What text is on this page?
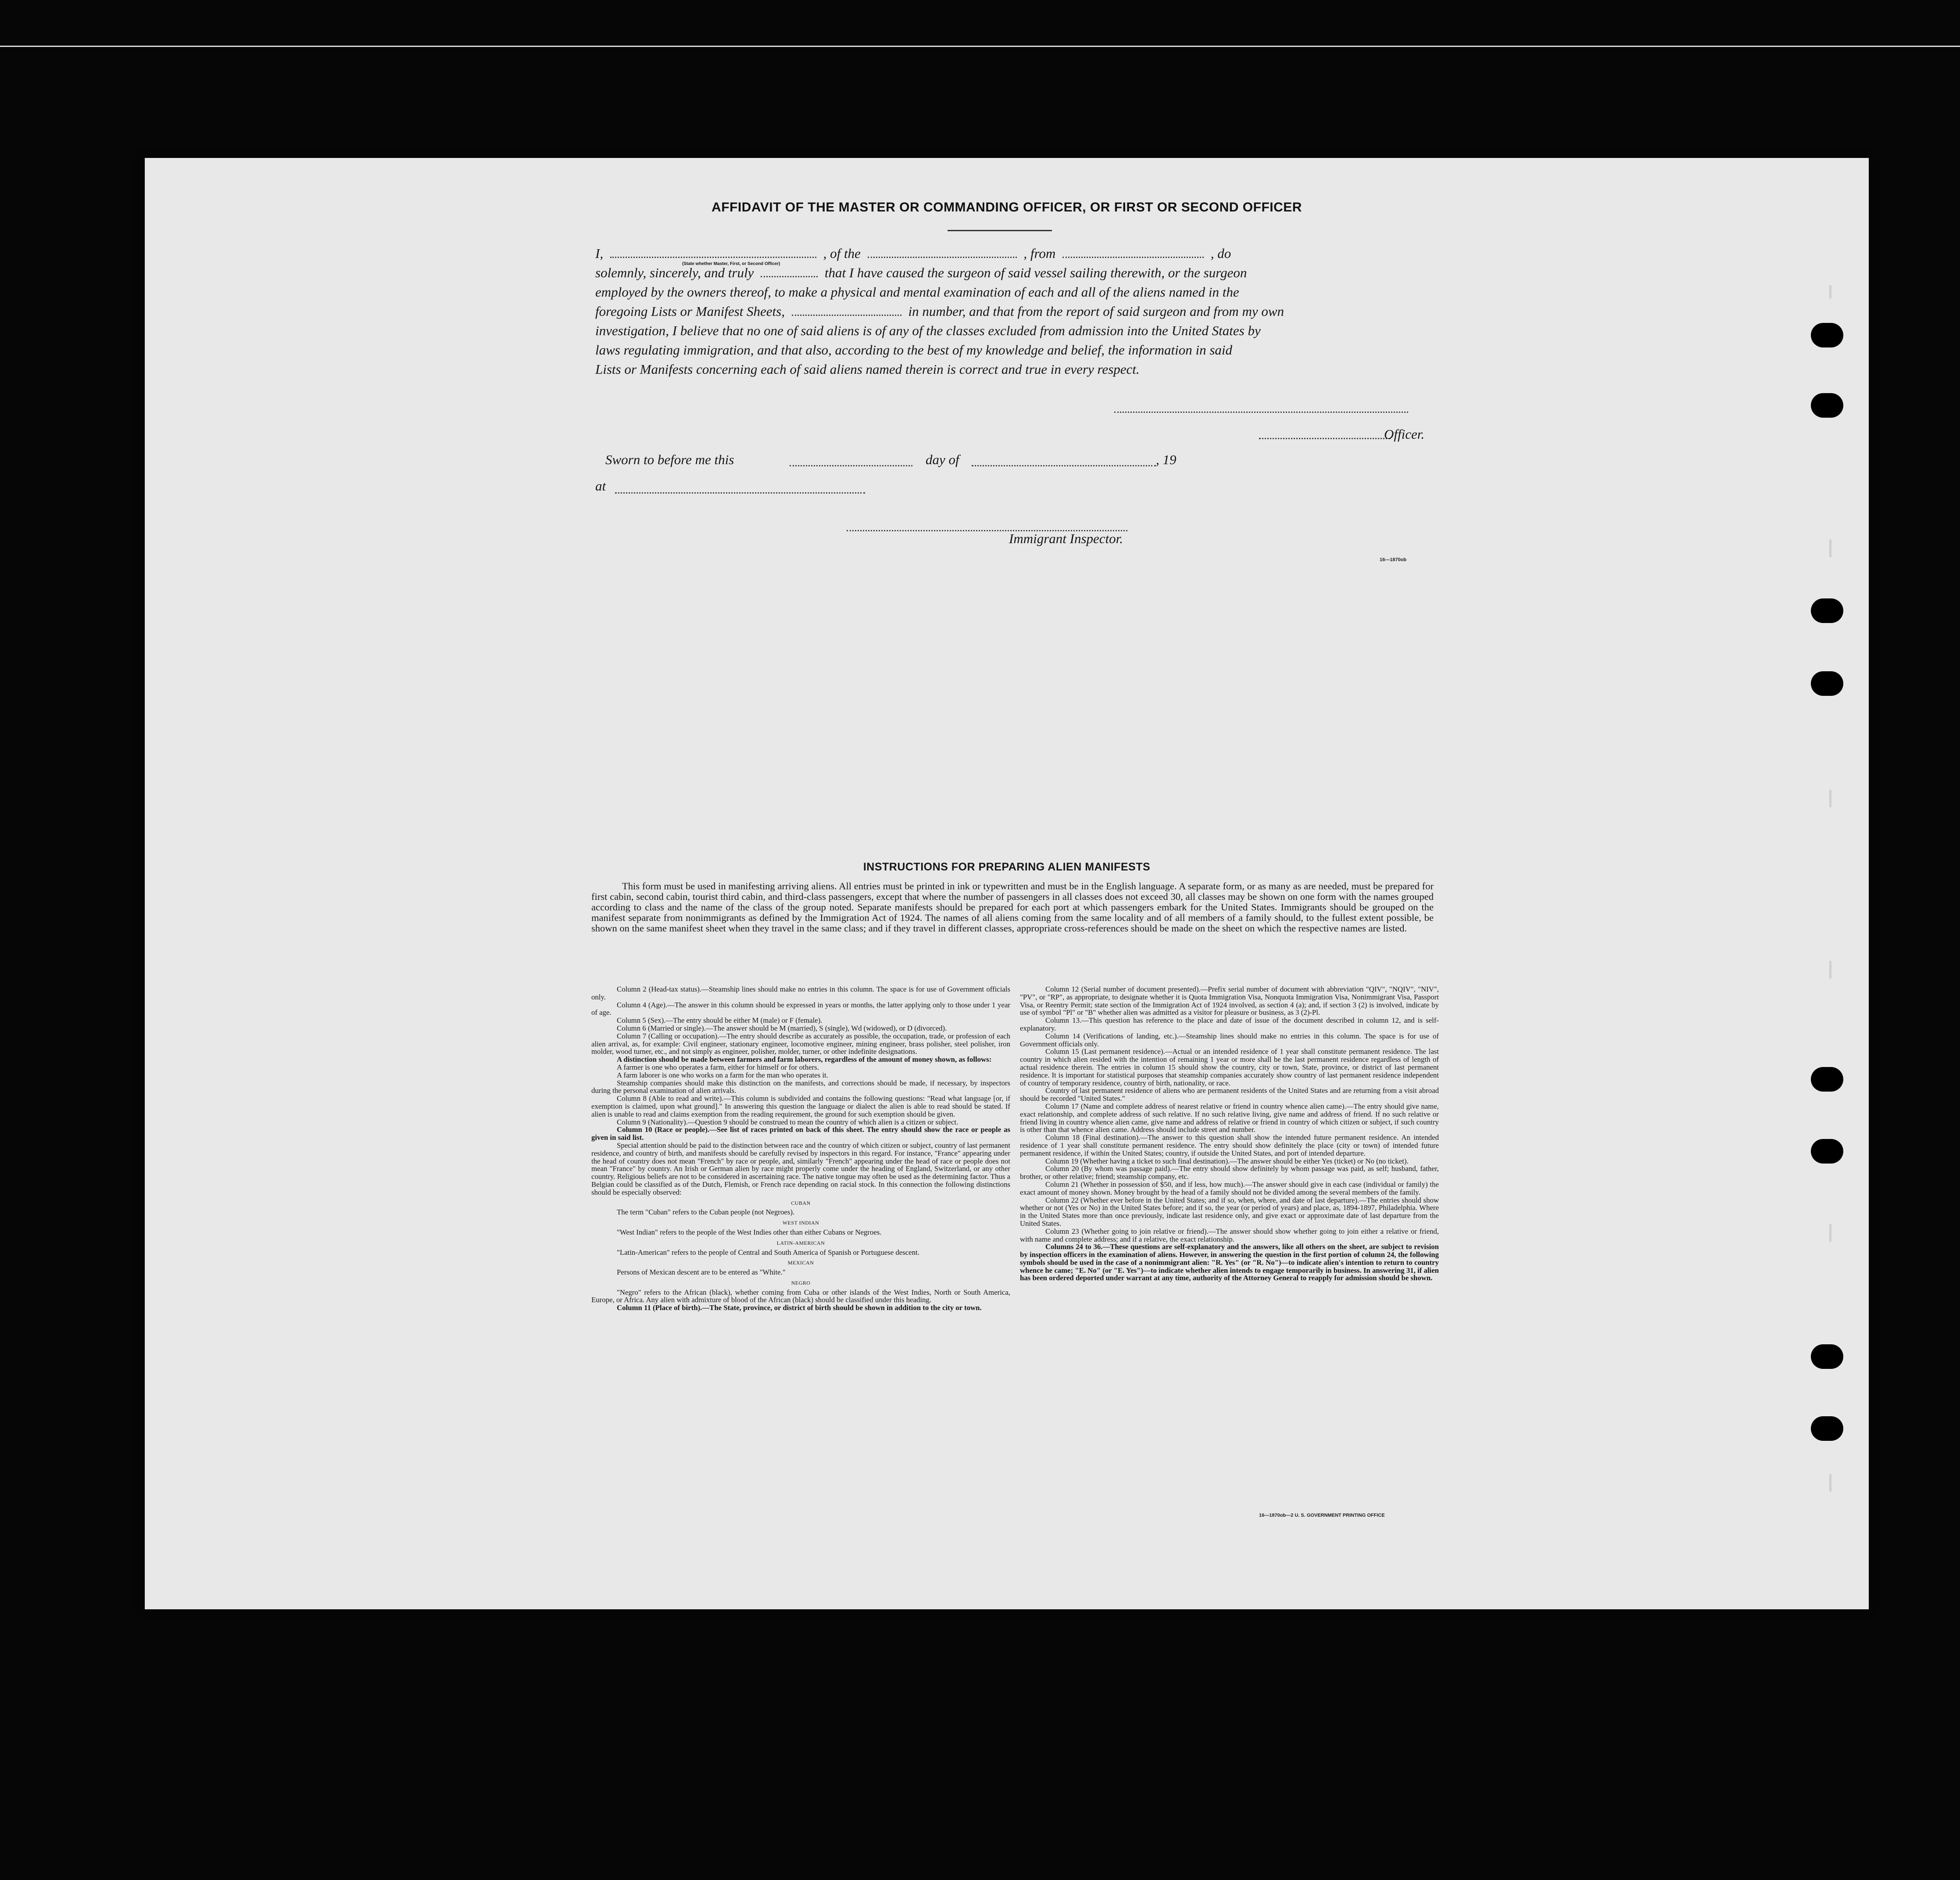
AFFIDAVIT OF THE MASTER OR COMMANDING OFFICER, OR FIRST OR SECOND OFFICER
I,	, of the	, from	, do
(State whether Master, First, or Second Officer)
solemnly, sincerely, and truly	that I have caused the surgeon of said vessel sailing therewith, or the surgeon
employed by the owners thereof, to make a physical and mental examination of each and all of the aliens named in the
foregoing Lists or Manifest Sheets,	in number, and that from the report of said surgeon and from my own
investigation, I believe that no one of said aliens is of any of the classes excluded from admission into the United States by
laws regulating immigration, and that also, according to the best of my knowledge and belief, the information in said
Lists or Manifests concerning each of said aliens named therein is correct and true in every respect.
Officer.
Sworn to before me this	day of	, 19
at
Immigrant Inspector.
16—1870ob
INSTRUCTIONS FOR PREPARING ALIEN MANIFESTS
This form must be used in manifesting arriving aliens. All entries must be printed in ink or typewritten and must be in the English language. A separate form, or as many as are needed, must be prepared for first cabin, second cabin, tourist third cabin, and third-class passengers, except that where the number of passengers in all classes does not exceed 30, all classes may be shown on one form with the names grouped according to class and the name of the class of the group noted. Separate manifests should be prepared for each port at which passengers embark for the United States. Immigrants should be grouped on the manifest separate from nonimmigrants as defined by the Immigration Act of 1924. The names of all aliens coming from the same locality and of all members of a family should, to the fullest extent possible, be shown on the same manifest sheet when they travel in the same class; and if they travel in different classes, appropriate cross-references should be made on the sheet on which the respective names are listed.

Column 2 (Head-tax status).—Steamship lines should make no entries in this column. The space is for use of Government officials only.

Column 4 (Age).—The answer in this column should be expressed in years or months, the latter applying only to those under 1 year of age.

Column 5 (Sex).—The entry should be either M (male) or F (female).

Column 6 (Married or single).—The answer should be M (married), S (single), Wd (widowed), or D (divorced).

Column 7 (Calling or occupation).—The entry should describe as accurately as possible, the occupation, trade, or profession of each alien arrival, as, for example: Civil engineer, stationary engineer, locomotive engineer, mining engineer, brass polisher, steel polisher, iron molder, wood turner, etc., and not simply as engineer, polisher, molder, turner, or other indefinite designations.

A distinction should be made between farmers and farm laborers, regardless of the amount of money shown, as follows:

A farmer is one who operates a farm, either for himself or for others.

A farm laborer is one who works on a farm for the man who operates it.

Steamship companies should make this distinction on the manifests, and corrections should be made, if necessary, by inspectors during the personal examination of alien arrivals.

Column 8 (Able to read and write).—This column is subdivided and contains the following questions: "Read what language [or, if exemption is claimed, upon what ground]." In answering this question the language or dialect the alien is able to read should be stated. If alien is unable to read and claims exemption from the reading requirement, the ground for such exemption should be given.

Column 9 (Nationality).—Question 9 should be construed to mean the country of which alien is a citizen or subject.

Column 10 (Race or people).—See list of races printed on back of this sheet. The entry should show the race or people as given in said list.

Special attention should be paid to the distinction between race and the country of which citizen or subject, country of last permanent residence, and country of birth, and manifests should be carefully revised by inspectors in this regard. For instance, "France" appearing under the head of country does not mean "French" by race or people, and, similarly "French" appearing under the head of race or people does not mean "France" by country. An Irish or German alien by race might properly come under the heading of England, Switzerland, or any other country. Religious beliefs are not to be considered in ascertaining race. The native tongue may often be used as the determining factor. Thus a Belgian could be classified as of the Dutch, Flemish, or French race depending on racial stock. In this connection the following distinctions should be especially observed:

CUBAN

The term "Cuban" refers to the Cuban people (not Negroes).

WEST INDIAN

"West Indian" refers to the people of the West Indies other than either Cubans or Negroes.

LATIN-AMERICAN

"Latin-American" refers to the people of Central and South America of Spanish or Portuguese descent.

MEXICAN

Persons of Mexican descent are to be entered as "White."

NEGRO

"Negro" refers to the African (black), whether coming from Cuba or other islands of the West Indies, North or South America, Europe, or Africa. Any alien with admixture of blood of the African (black) should be classified under this heading.

Column 11 (Place of birth).—The State, province, or district of birth should be shown in addition to the city or town.

Column 12 (Serial number of document presented).—Prefix serial number of document with abbreviation "QIV", "NQIV", "NIV", "PV", or "RP", as appropriate, to designate whether it is Quota Immigration Visa, Nonquota Immigration Visa, Nonimmigrant Visa, Passport Visa, or Reentry Permit; state section of the Immigration Act of 1924 involved, as section 4 (a); and, if section 3 (2) is involved, indicate by use of symbol "Pl" or "B" whether alien was admitted as a visitor for pleasure or business, as 3 (2)-Pl.

Column 13.—This question has reference to the place and date of issue of the document described in column 12, and is self-explanatory.

Column 14 (Verifications of landing, etc.).—Steamship lines should make no entries in this column. The space is for use of Government officials only.

Column 15 (Last permanent residence).—Actual or an intended residence of 1 year shall constitute permanent residence. The last country in which alien resided with the intention of remaining 1 year or more shall be the last permanent residence regardless of length of actual residence therein. The entries in column 15 should show the country, city or town, State, province, or district of last permanent residence. It is important for statistical purposes that steamship companies accurately show country of last permanent residence independent of country of temporary residence, country of birth, nationality, or race.

Country of last permanent residence of aliens who are permanent residents of the United States and are returning from a visit abroad should be recorded "United States."

Column 17 (Name and complete address of nearest relative or friend in country whence alien came).—The entry should give name, exact relationship, and complete address of such relative. If no such relative living, give name and address of friend. If no such relative or friend living in country whence alien came, give name and address of relative or friend in country of which citizen or subject, if such country is other than that whence alien came. Address should include street and number.

Column 18 (Final destination).—The answer to this question shall show the intended future permanent residence. An intended residence of 1 year shall constitute permanent residence. The entry should show definitely the place (city or town) of intended future permanent residence, if within the United States; country, if outside the United States, and port of intended departure.

Column 19 (Whether having a ticket to such final destination).—The answer should be either Yes (ticket) or No (no ticket).

Column 20 (By whom was passage paid).—The entry should show definitely by whom passage was paid, as self; husband, father, brother, or other relative; friend; steamship company, etc.

Column 21 (Whether in possession of $50, and if less, how much).—The answer should give in each case (individual or family) the exact amount of money shown. Money brought by the head of a family should not be divided among the several members of the family.

Column 22 (Whether ever before in the United States; and if so, when, where, and date of last departure).—The entries should show whether or not (Yes or No) in the United States before; and if so, the year (or period of years) and place, as, 1894-1897, Philadelphia. Where in the United States more than once previously, indicate last residence only, and give exact or approximate date of last departure from the United States.

Column 23 (Whether going to join relative or friend).—The answer should show whether going to join either a relative or friend, with name and complete address; and if a relative, the exact relationship.

Columns 24 to 36.—These questions are self-explanatory and the answers, like all others on the sheet, are subject to revision by inspection officers in the examination of aliens. However, in answering the question in the first portion of column 24, the following symbols should be used in the case of a nonimmigrant alien: "R. Yes" (or "R. No")—to indicate alien's intention to return to country whence he came; "E. No" (or "E. Yes")—to indicate whether alien intends to engage temporarily in business. In answering 31, if alien has been ordered deported under warrant at any time, authority of the Attorney General to reapply for admission should be shown.

16—1870ob—2 U. S. GOVERNMENT PRINTING OFFICE
